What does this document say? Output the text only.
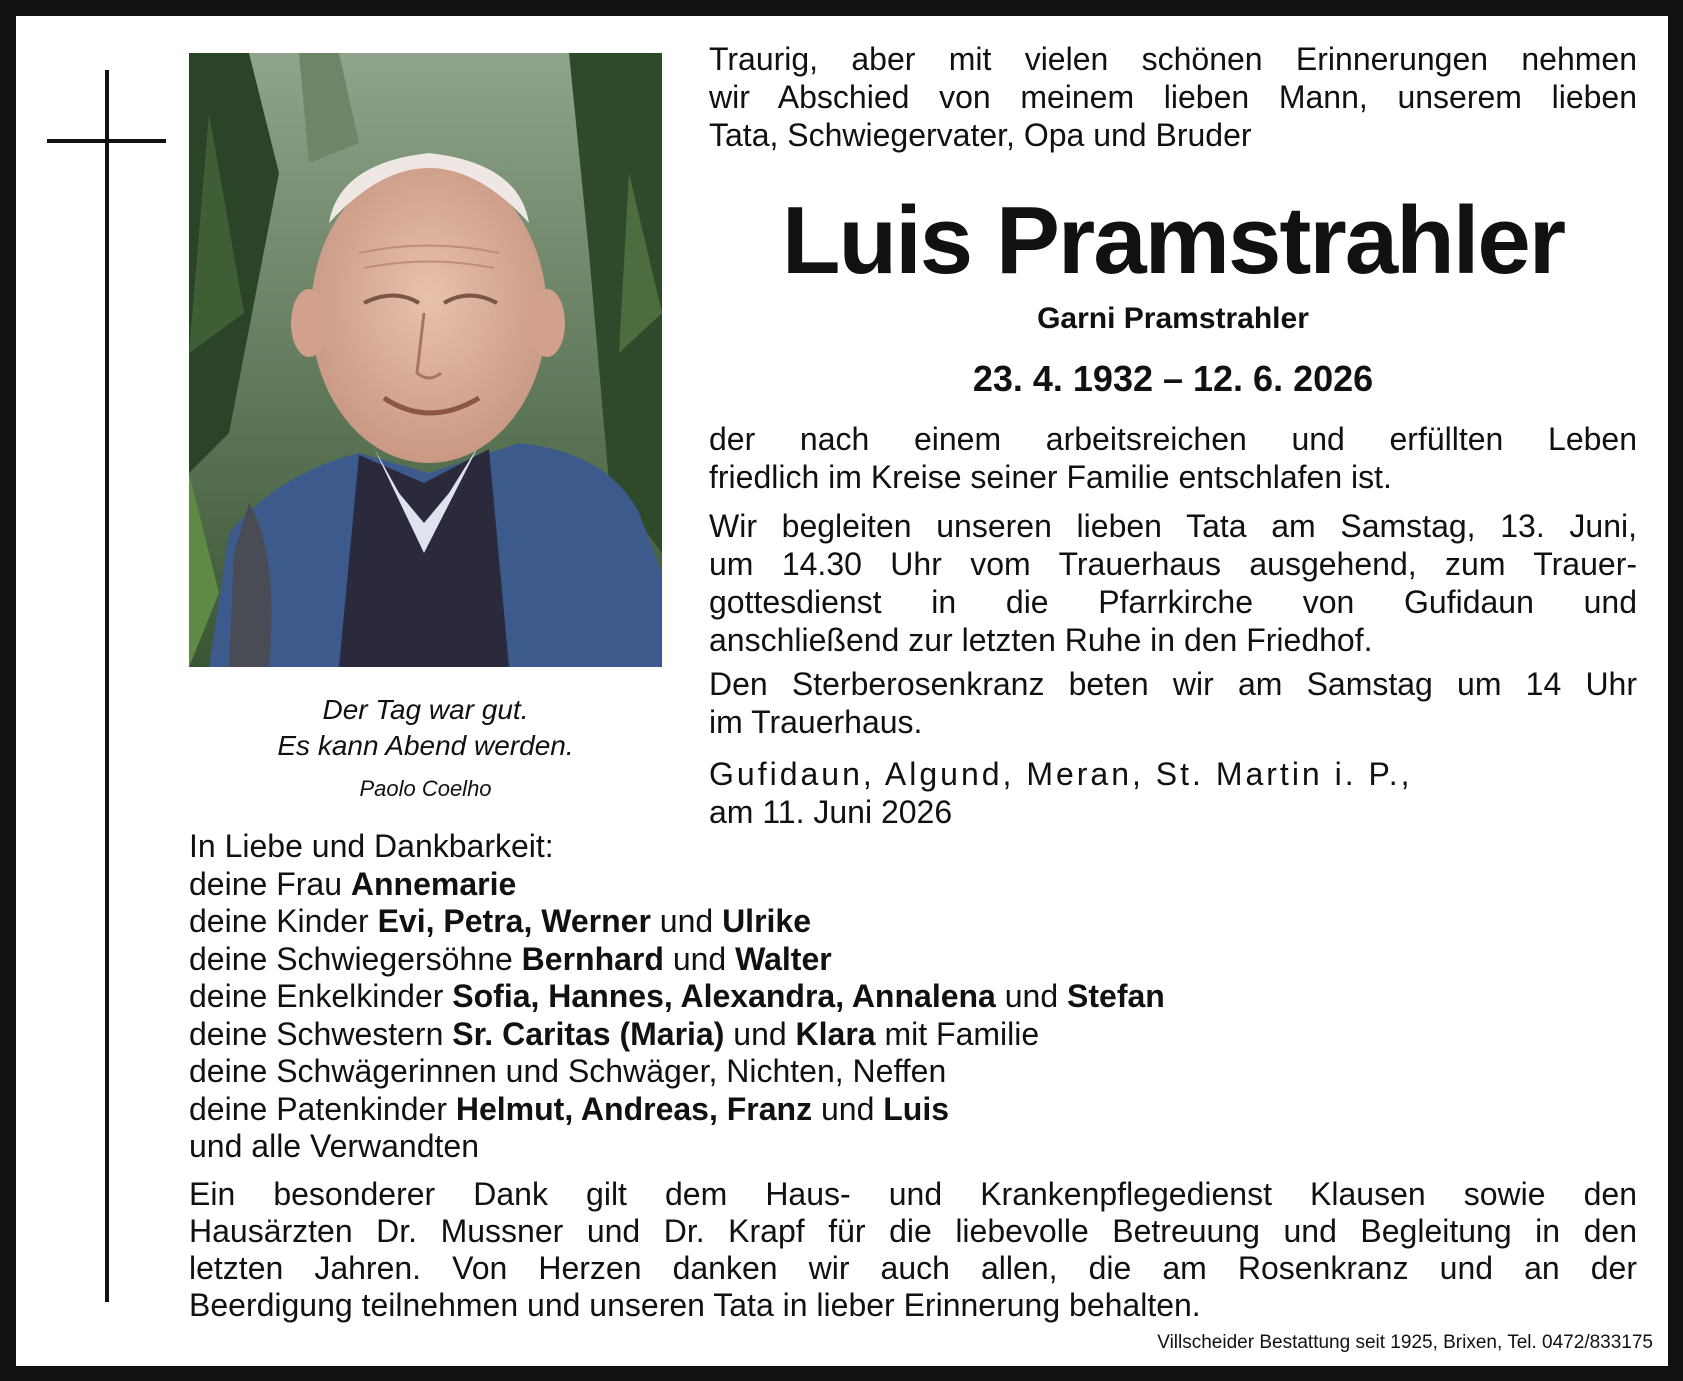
Der Tag war gut.
Es kann Abend werden.
Paolo Coelho
Traurig, aber mit vielen schönen Erinnerungen nehmen
wir Abschied von meinem lieben Mann, unserem lieben
Tata, Schwiegervater, Opa und Bruder
Luis Pramstrahler
Garni Pramstrahler
23. 4. 1932 – 12. 6. 2026
der nach einem arbeitsreichen und erfüllten Leben
friedlich im Kreise seiner Familie entschlafen ist.
Wir begleiten unseren lieben Tata am Samstag, 13. Juni,
um 14.30 Uhr vom Trauerhaus ausgehend, zum Trauer-
gottesdienst in die Pfarrkirche von Gufidaun und
anschließend zur letzten Ruhe in den Friedhof.
Den Sterberosenkranz beten wir am Samstag um 14 Uhr
im Trauerhaus.
Gufidaun, Algund, Meran, St. Martin i. P.,
am 11. Juni 2026
In Liebe und Dankbarkeit:
deine Frau Annemarie
deine Kinder Evi, Petra, Werner und Ulrike
deine Schwiegersöhne Bernhard und Walter
deine Enkelkinder Sofia, Hannes, Alexandra, Annalena und Stefan
deine Schwestern Sr. Caritas (Maria) und Klara mit Familie
deine Schwägerinnen und Schwäger, Nichten, Neffen
deine Patenkinder Helmut, Andreas, Franz und Luis
und alle Verwandten
Ein besonderer Dank gilt dem Haus- und Krankenpflegedienst Klausen sowie den
Hausärzten Dr. Mussner und Dr. Krapf für die liebevolle Betreuung und Begleitung in den
letzten Jahren. Von Herzen danken wir auch allen, die am Rosenkranz und an der
Beerdigung teilnehmen und unseren Tata in lieber Erinnerung behalten.
Villscheider Bestattung seit 1925, Brixen, Tel. 0472/833175
